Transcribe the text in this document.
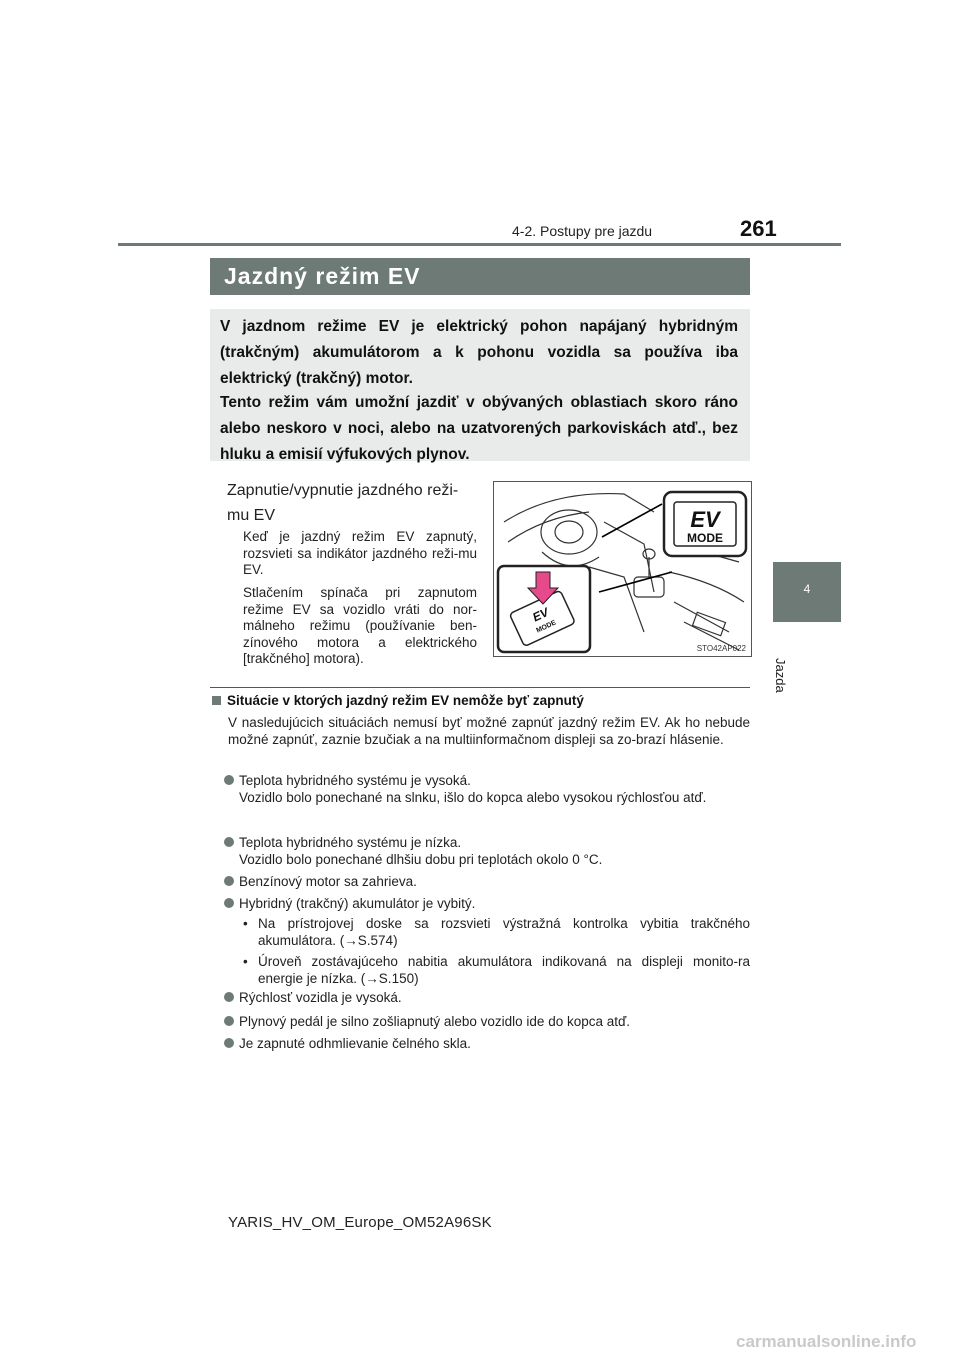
4-2. Postupy pre jazdu	261
4
Jazda
Jazdný režim EV
V jazdnom režime EV je elektrický pohon napájaný hybridným (trakčným) akumulátorom a k pohonu vozidla sa používa iba elektrický (trakčný) motor.
Tento režim vám umožní jazdiť v obývaných oblastiach skoro ráno alebo neskoro v noci, alebo na uzatvorených parkoviskách atď., bez hluku a emisií výfukových plynov.
Zapnutie/vypnutie jazdného reži-mu EV

Keď je jazdný režim EV zapnutý, rozsvieti sa indikátor jazdného reži-mu EV.

Stlačením spínača pri zapnutom režime EV sa vozidlo vráti do nor-málneho režimu (používanie ben-zínového motora a elektrického [trakčného] motora).

EV
MODE
EV
MODE
STO42AP022
Situácie v ktorých jazdný režim EV nemôže byť zapnutý
V nasledujúcich situáciách nemusí byť možné zapnúť jazdný režim EV. Ak ho nebude možné zapnúť, zaznie bzučiak a na multiinformačnom displeji sa zo-brazí hlásenie.
Teplota hybridného systému je vysoká.
Vozidlo bolo ponechané na slnku, išlo do kopca alebo vysokou rýchlosťou atď.
Teplota hybridného systému je nízka.
Vozidlo bolo ponechané dlhšiu dobu pri teplotách okolo 0 °C.
Benzínový motor sa zahrieva.
Hybridný (trakčný) akumulátor je vybitý.
• Na prístrojovej doske sa rozsvieti výstražná kontrolka vybitia trakčného akumulátora. (→S.574)
• Úroveň zostávajúceho nabitia akumulátora indikovaná na displeji monito-ra energie je nízka. (→S.150)
Rýchlosť vozidla je vysoká.
Plynový pedál je silno zošliapnutý alebo vozidlo ide do kopca atď.
Je zapnuté odhmlievanie čelného skla.
YARIS_HV_OM_Europe_OM52A96SK
carmanualsonline.info
